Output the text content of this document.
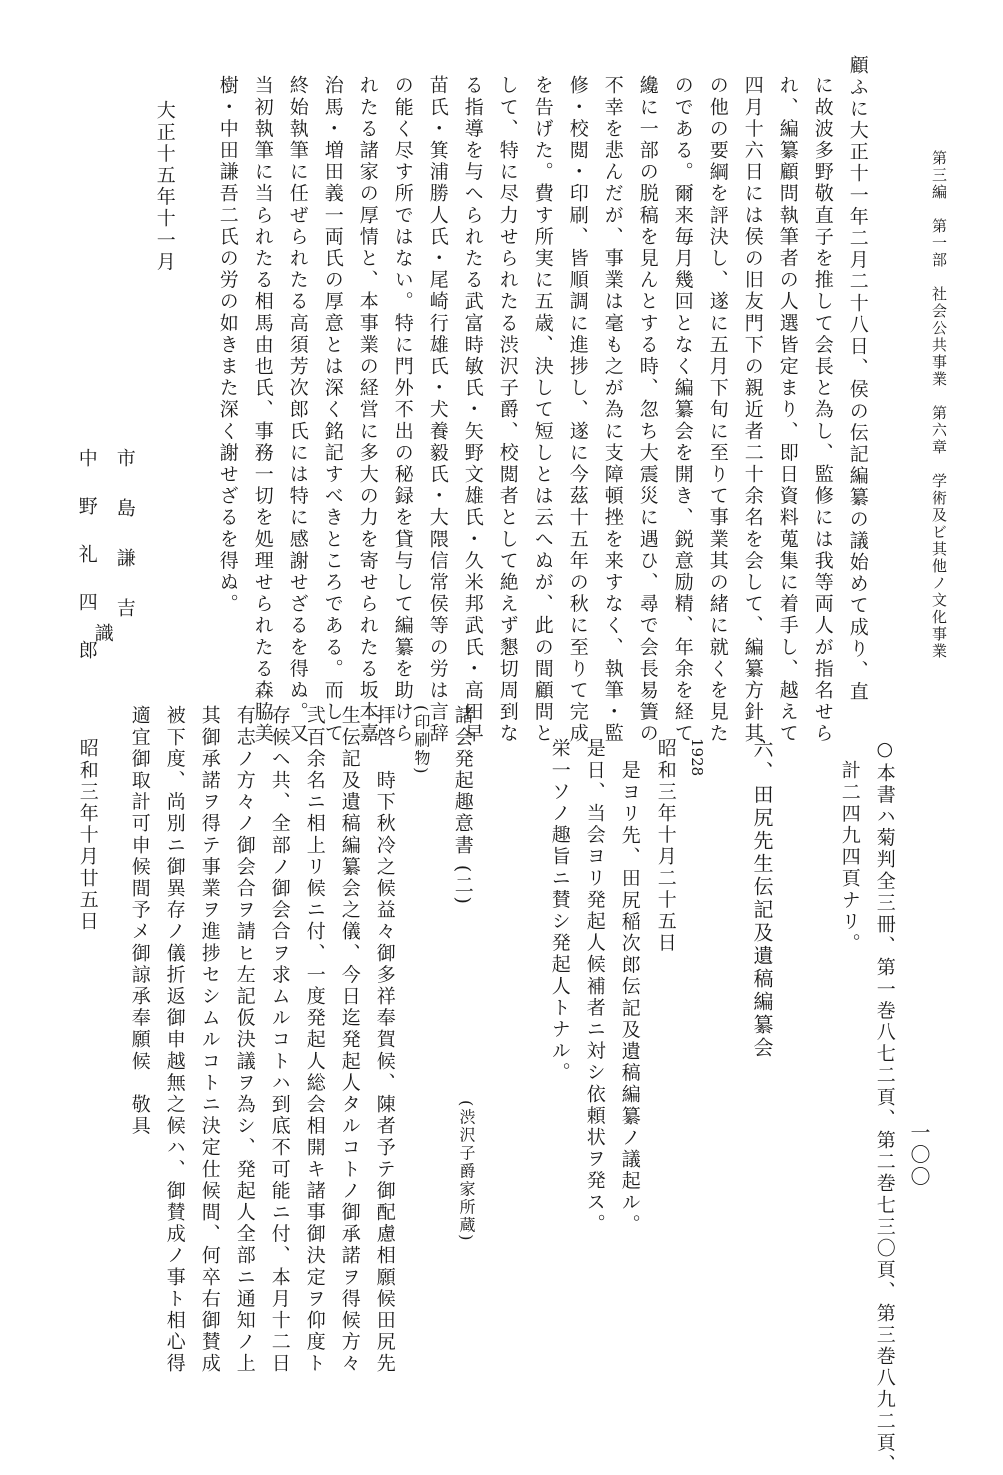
第三編　第一部　社会公共事業　第六章　学術及ビ其他ノ文化事業
一〇〇
顧ふに大正十一年二月二十八日、侯の伝記編纂の議始めて成り、直
に故波多野敬直子を推して会長と為し、監修には我等両人が指名せら
れ、編纂顧問執筆者の人選皆定まり、即日資料蒐集に着手し、越えて
四月十六日には侯の旧友門下の親近者二十余名を会して、編纂方針其
の他の要綱を評決し、遂に五月下旬に至りて事業其の緒に就くを見た
のである。爾来毎月幾回となく編纂会を開き、鋭意励精、年余を経て
纔に一部の脱稿を見んとする時、忽ち大震災に遇ひ、尋で会長易簀の
不幸を悲んだが、事業は毫も之が為に支障頓挫を来すなく、執筆・監
修・校閲・印刷、皆順調に進捗し、遂に今茲十五年の秋に至りて完成
を告げた。費す所実に五歳、決して短しとは云へぬが、此の間顧問と
して、特に尽力せられたる渋沢子爵、校閲者として絶えず懇切周到な
る指導を与へられたる武富時敏氏・矢野文雄氏・久米邦武氏・高田早
苗氏・箕浦勝人氏・尾崎行雄氏・犬養毅氏・大隈信常侯等の労は言辞
の能く尽す所ではない。特に門外不出の秘録を貸与して編纂を助けら
れたる諸家の厚情と、本事業の経営に多大の力を寄せられたる坂本嘉
治馬・増田義一両氏の厚意とは深く銘記すべきところである。而して
終始執筆に任ぜられたる高須芳次郎氏には特に感謝せざるを得ぬ。又
当初執筆に当られたる相馬由也氏、事務一切を処理せられたる森脇美
樹・中田謙吾二氏の労の如きまた深く謝せざるを得ぬ。
大正十五年十一月
市　島　謙　吉
中　野　礼　四　郎
識
○本書ハ菊判全三冊、第一巻八七二頁、第二巻七三〇頁、第三巻八九二頁、
計二四九四頁ナリ。
六、田尻先生伝記及遺稿編纂会
1928
昭和三年十月二十五日
是ヨリ先、田尻稲次郎伝記及遺稿編纂ノ議起ル。
是日、当会ヨリ発起人候補者ニ対シ依頼状ヲ発ス。
栄一ソノ趣旨ニ賛シ発起人トナル。
諸会発起趣意書 (二)
(渋沢子爵家所蔵)
(印刷物)
拝啓　時下秋冷之候益々御多祥奉賀候、陳者予テ御配慮相願候田尻先
生伝記及遺稿編纂会之儀、今日迄発起人タルコトノ御承諾ヲ得候方々
弐百余名ニ相上リ候ニ付、一度発起人総会相開キ諸事御決定ヲ仰度ト
存候ヘ共、全部ノ御会合ヲ求ムルコトハ到底不可能ニ付、本月十二日
有志ノ方々ノ御会合ヲ請ヒ左記仮決議ヲ為シ、発起人全部ニ通知ノ上
其御承諾ヲ得テ事業ヲ進捗セシムルコトニ決定仕候間、何卒右御賛成
被下度、尚別ニ御異存ノ儀折返御申越無之候ハ、御賛成ノ事ト相心得
適宜御取計可申候間予メ御諒承奉願候　敬具
昭和三年十月廿五日
